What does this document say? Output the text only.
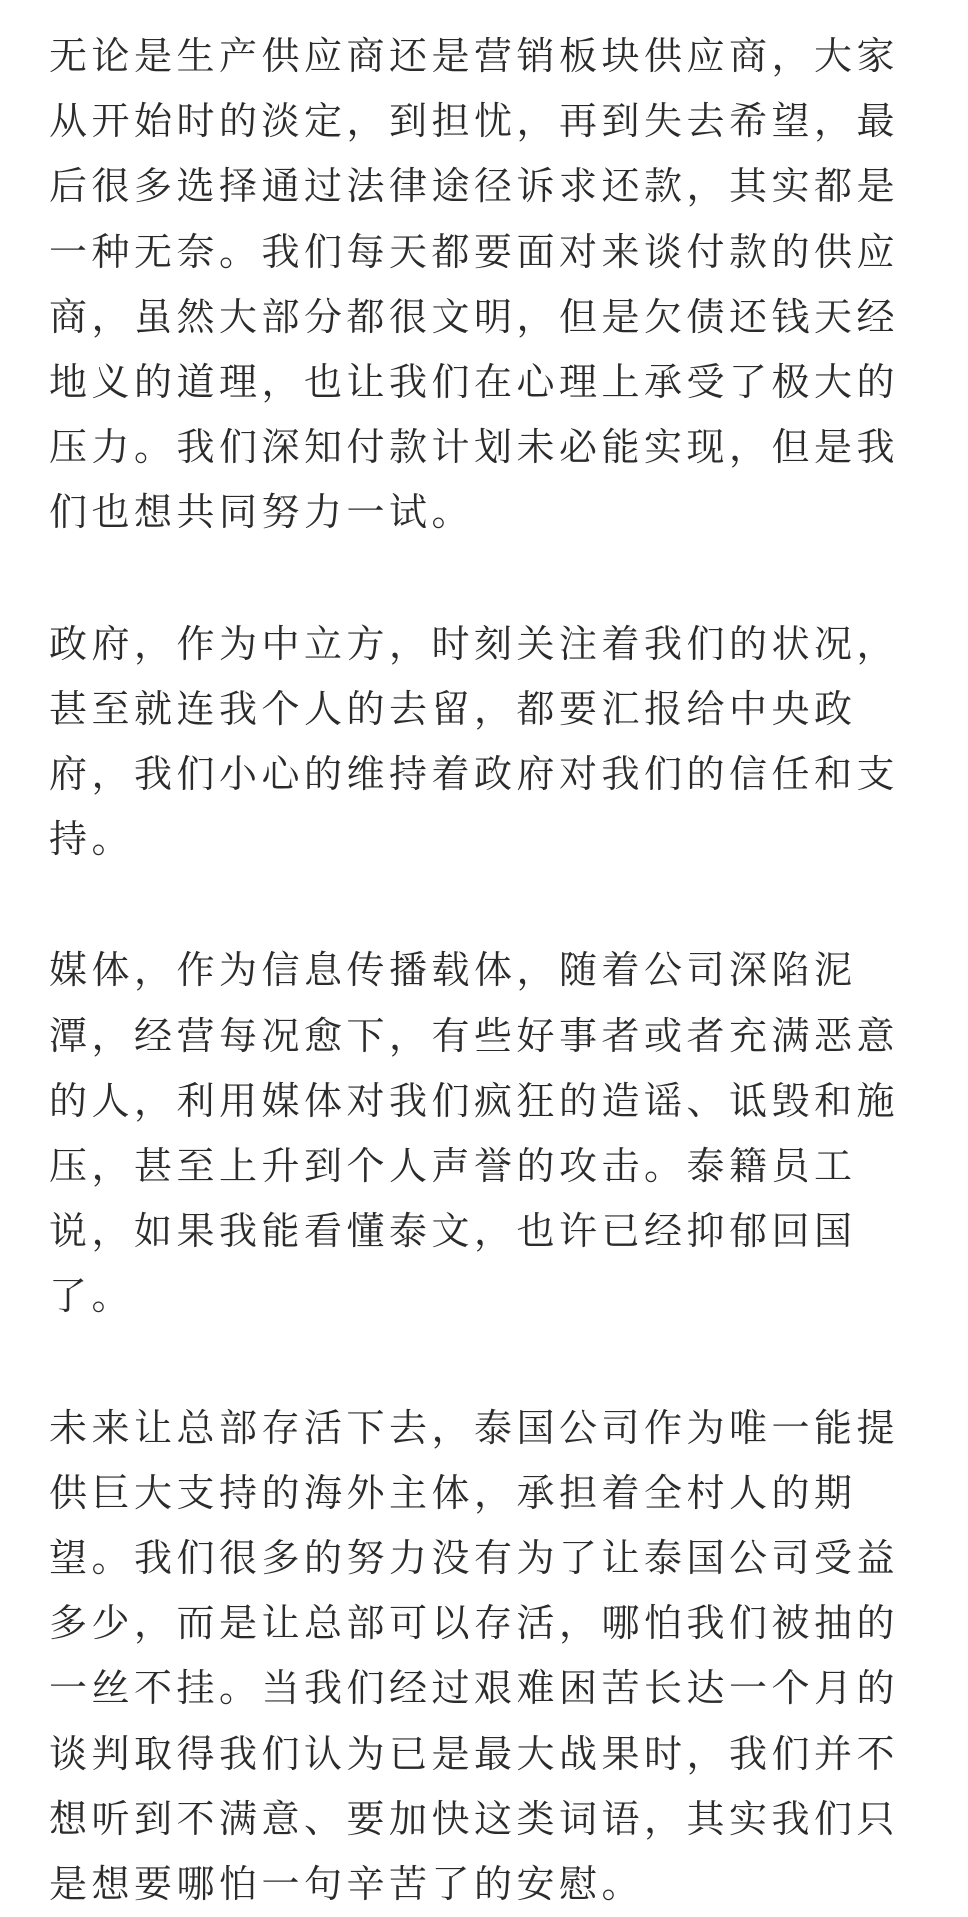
无论是生产供应商还是营销板块供应商，大家从开始时的淡定，到担忧，再到失去希望，最后很多选择通过法律途径诉求还款，其实都是一种无奈。我们每天都要面对来谈付款的供应商，虽然大部分都很文明，但是欠债还钱天经地义的道理，也让我们在心理上承受了极大的压力。我们深知付款计划未必能实现，但是我们也想共同努力一试。

政府，作为中立方，时刻关注着我们的状况，甚至就连我个人的去留，都要汇报给中央政府，我们小心的维持着政府对我们的信任和支持。

媒体，作为信息传播载体，随着公司深陷泥潭，经营每况愈下，有些好事者或者充满恶意的人，利用媒体对我们疯狂的造谣、诋毁和施压，甚至上升到个人声誉的攻击。泰籍员工说，如果我能看懂泰文，也许已经抑郁回国了。

未来让总部存活下去，泰国公司作为唯一能提供巨大支持的海外主体，承担着全村人的期望。我们很多的努力没有为了让泰国公司受益多少，而是让总部可以存活，哪怕我们被抽的一丝不挂。当我们经过艰难困苦长达一个月的谈判取得我们认为已是最大战果时，我们并不想听到不满意、要加快这类词语，其实我们只是想要哪怕一句辛苦了的安慰。
